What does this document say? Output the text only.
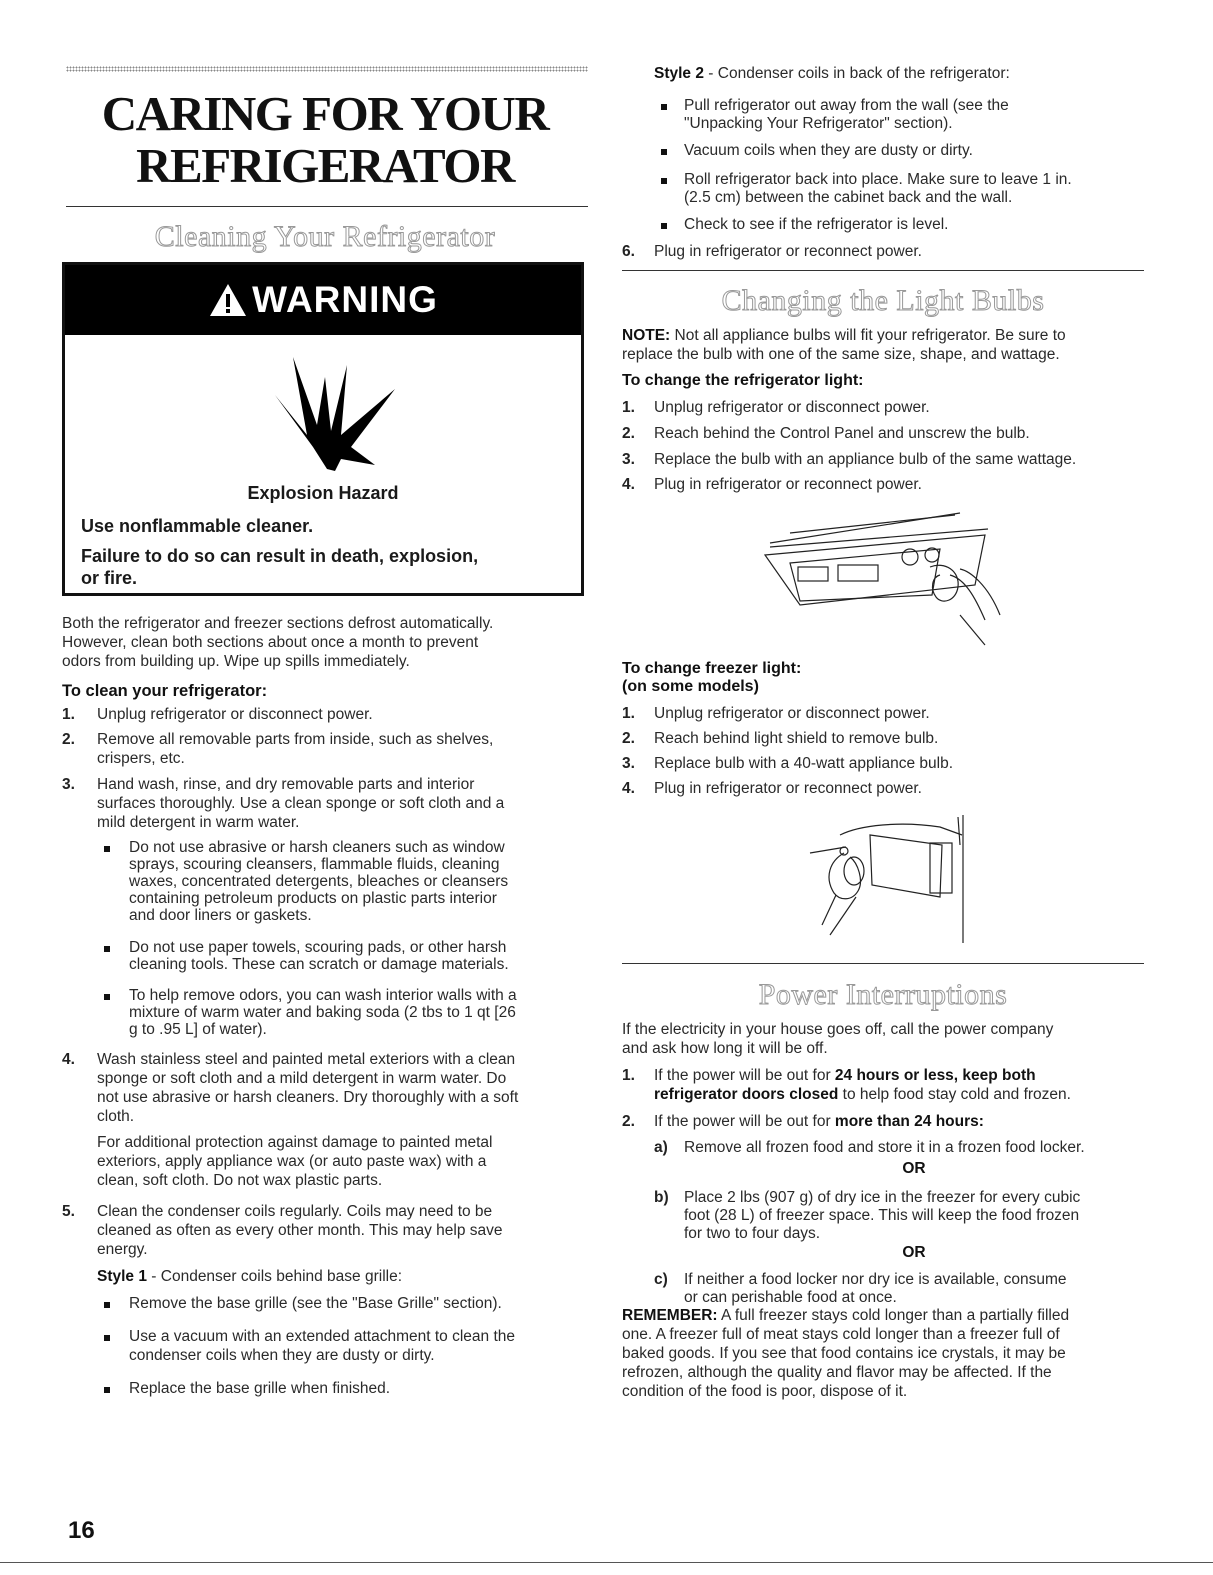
CARING FOR YOUR
REFRIGERATOR
Cleaning Your Refrigerator
WARNING
Explosion Hazard
Use nonflammable cleaner.
Failure to do so can result in death, explosion,
or fire.
Both the refrigerator and freezer sections defrost automatically.
However, clean both sections about once a month to prevent
odors from building up. Wipe up spills immediately.
To clean your refrigerator:
1. Unplug refrigerator or disconnect power.
2. Remove all removable parts from inside, such as shelves,
crispers, etc.
3. Hand wash, rinse, and dry removable parts and interior
surfaces thoroughly. Use a clean sponge or soft cloth and a
mild detergent in warm water.
Do not use abrasive or harsh cleaners such as window
sprays, scouring cleansers, flammable fluids, cleaning
waxes, concentrated detergents, bleaches or cleansers
containing petroleum products on plastic parts interior
and door liners or gaskets.
Do not use paper towels, scouring pads, or other harsh
cleaning tools. These can scratch or damage materials.
To help remove odors, you can wash interior walls with a
mixture of warm water and baking soda (2 tbs to 1 qt [26
g to .95 L] of water).
4. Wash stainless steel and painted metal exteriors with a clean
sponge or soft cloth and a mild detergent in warm water. Do
not use abrasive or harsh cleaners. Dry thoroughly with a soft
cloth.
For additional protection against damage to painted metal
exteriors, apply appliance wax (or auto paste wax) with a
clean, soft cloth. Do not wax plastic parts.
5. Clean the condenser coils regularly. Coils may need to be
cleaned as often as every other month. This may help save
energy.
Style 1 - Condenser coils behind base grille:
Remove the base grille (see the "Base Grille" section).
Use a vacuum with an extended attachment to clean the
condenser coils when they are dusty or dirty.
Replace the base grille when finished.
Style 2 - Condenser coils in back of the refrigerator:
Pull refrigerator out away from the wall (see the
"Unpacking Your Refrigerator" section).
Vacuum coils when they are dusty or dirty.
Roll refrigerator back into place. Make sure to leave 1 in.
(2.5 cm) between the cabinet back and the wall.
Check to see if the refrigerator is level.
6. Plug in refrigerator or reconnect power.
Changing the Light Bulbs
NOTE: Not all appliance bulbs will fit your refrigerator. Be sure to
replace the bulb with one of the same size, shape, and wattage.
To change the refrigerator light:
1. Unplug refrigerator or disconnect power.
2. Reach behind the Control Panel and unscrew the bulb.
3. Replace the bulb with an appliance bulb of the same wattage.
4. Plug in refrigerator or reconnect power.
To change freezer light:
(on some models)
1. Unplug refrigerator or disconnect power.
2. Reach behind light shield to remove bulb.
3. Replace bulb with a 40-watt appliance bulb.
4. Plug in refrigerator or reconnect power.
Power Interruptions
If the electricity in your house goes off, call the power company
and ask how long it will be off.
1. If the power will be out for 24 hours or less, keep both
refrigerator doors closed to help food stay cold and frozen.
2. If the power will be out for more than 24 hours:
a) Remove all frozen food and store it in a frozen food locker.
OR
b) Place 2 lbs (907 g) of dry ice in the freezer for every cubic
foot (28 L) of freezer space. This will keep the food frozen
for two to four days.
OR
c) If neither a food locker nor dry ice is available, consume
or can perishable food at once.
REMEMBER: A full freezer stays cold longer than a partially filled
one. A freezer full of meat stays cold longer than a freezer full of
baked goods. If you see that food contains ice crystals, it may be
refrozen, although the quality and flavor may be affected. If the
condition of the food is poor, dispose of it.
16
